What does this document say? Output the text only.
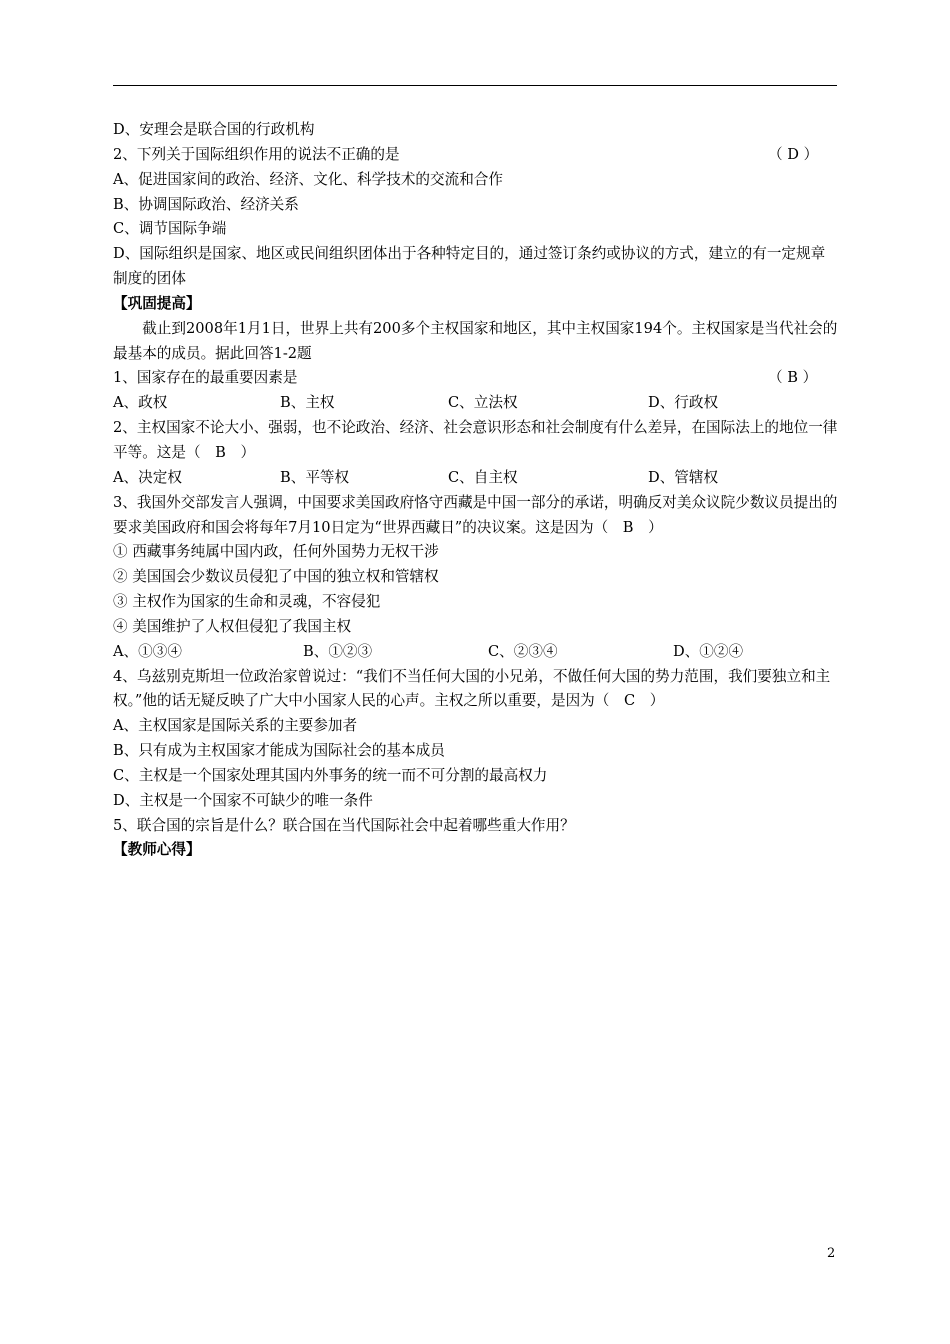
D、安理会是联合国的行政机构
2、下列关于国际组织作用的说法不正确的是	（ D ）
A、促进国家间的政治、经济、文化、科学技术的交流和合作
B、协调国际政治、经济关系
C、调节国际争端
D、国际组织是国家、地区或民间组织团体出于各种特定目的，通过签订条约或协议的方式，建立的有一定规章制度的团体
【巩固提高】
截止到2008年1月1日，世界上共有200多个主权国家和地区，其中主权国家194个。主权国家是当代社会的最基本的成员。据此回答1-2题
1、国家存在的最重要因素是	（ B ）
A、政权	B、主权	C、立法权	D、行政权
2、主权国家不论大小、强弱，也不论政治、经济、社会意识形态和社会制度有什么差异，在国际法上的地位一律平等。这是（　B　）
A、决定权	B、平等权	C、自主权	D、管辖权
3、我国外交部发言人强调，中国要求美国政府恪守西藏是中国一部分的承诺，明确反对美众议院少数议员提出的要求美国政府和国会将每年7月10日定为“世界西藏日”的决议案。这是因为（　B　）
① 西藏事务纯属中国内政，任何外国势力无权干涉
② 美国国会少数议员侵犯了中国的独立权和管辖权
③ 主权作为国家的生命和灵魂，不容侵犯
④ 美国维护了人权但侵犯了我国主权
A、①③④	B、①②③	C、②③④	D、①②④
4、乌兹别克斯坦一位政治家曾说过：“我们不当任何大国的小兄弟，不做任何大国的势力范围，我们要独立和主权。”他的话无疑反映了广大中小国家人民的心声。主权之所以重要，是因为（　C　）
A、主权国家是国际关系的主要参加者
B、只有成为主权国家才能成为国际社会的基本成员
C、主权是一个国家处理其国内外事务的统一而不可分割的最高权力
D、主权是一个国家不可缺少的唯一条件
5、联合国的宗旨是什么？联合国在当代国际社会中起着哪些重大作用？
【教师心得】
2
